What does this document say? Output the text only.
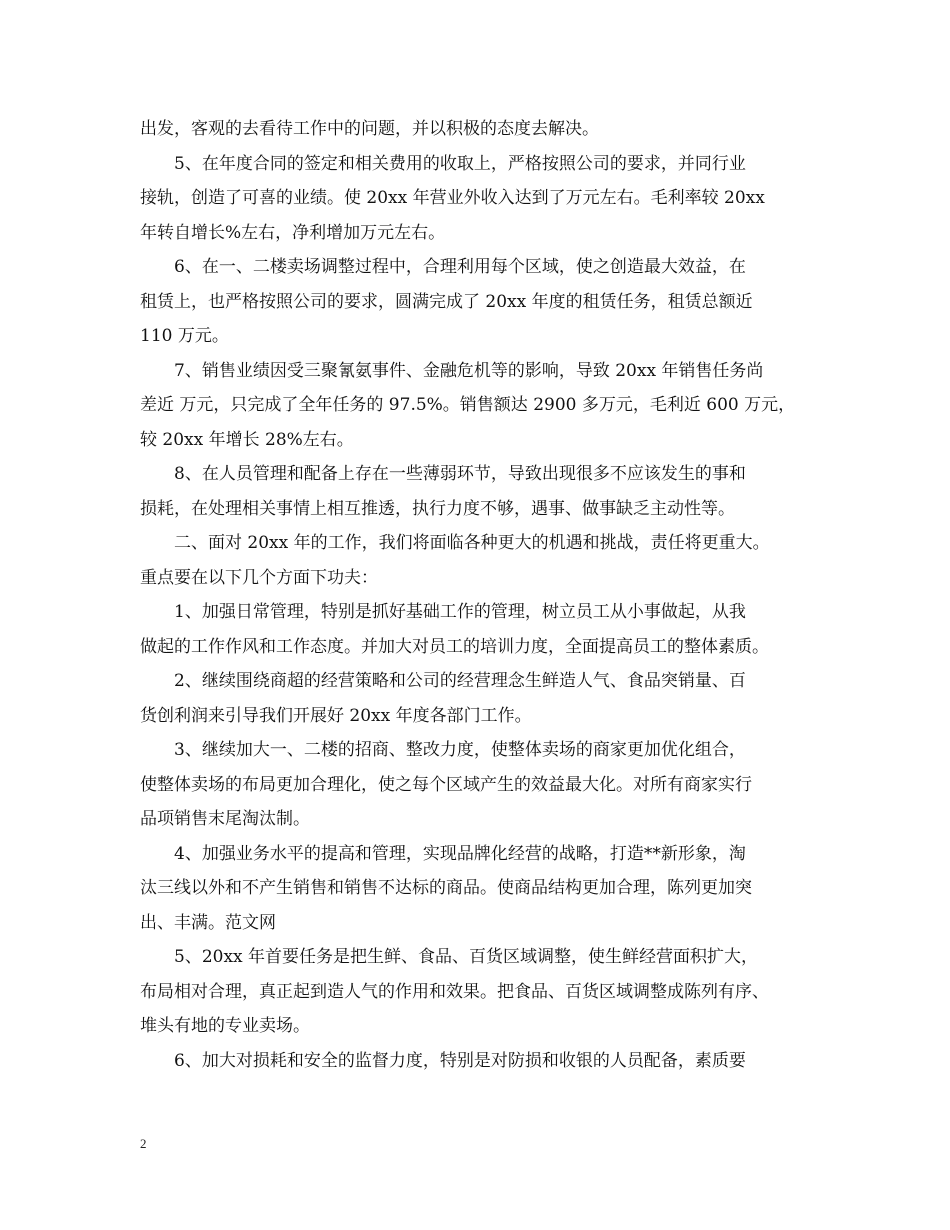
出发，客观的去看待工作中的问题，并以积极的态度去解决。
5、在年度合同的签定和相关费用的收取上，严格按照公司的要求，并同行业
接轨，创造了可喜的业绩。使 20xx 年营业外收入达到了万元左右。毛利率较 20xx
年转自增长%左右，净利增加万元左右。
6、在一、二楼卖场调整过程中，合理利用每个区域，使之创造最大效益，在
租赁上，也严格按照公司的要求，圆满完成了 20xx 年度的租赁任务，租赁总额近
110 万元。
7、销售业绩因受三聚氰氨事件、金融危机等的影响，导致 20xx 年销售任务尚
差近 万元，只完成了全年任务的 97.5%。销售额达 2900 多万元，毛利近 600 万元，
较 20xx 年增长 28%左右。
8、在人员管理和配备上存在一些薄弱环节，导致出现很多不应该发生的事和
损耗，在处理相关事情上相互推透，执行力度不够，遇事、做事缺乏主动性等。
二、面对 20xx 年的工作，我们将面临各种更大的机遇和挑战，责任将更重大。
重点要在以下几个方面下功夫：
1、加强日常管理，特别是抓好基础工作的管理，树立员工从小事做起，从我
做起的工作作风和工作态度。并加大对员工的培训力度，全面提高员工的整体素质。
2、继续围绕商超的经营策略和公司的经营理念生鲜造人气、食品突销量、百
货创利润来引导我们开展好 20xx 年度各部门工作。
3、继续加大一、二楼的招商、整改力度，使整体卖场的商家更加优化组合，
使整体卖场的布局更加合理化，使之每个区域产生的效益最大化。对所有商家实行
品项销售末尾淘汰制。
4、加强业务水平的提高和管理，实现品牌化经营的战略，打造**新形象，淘
汰三线以外和不产生销售和销售不达标的商品。使商品结构更加合理，陈列更加突
出、丰满。范文网
5、20xx 年首要任务是把生鲜、食品、百货区域调整，使生鲜经营面积扩大，
布局相对合理，真正起到造人气的作用和效果。把食品、百货区域调整成陈列有序、
堆头有地的专业卖场。
6、加大对损耗和安全的监督力度，特别是对防损和收银的人员配备，素质要
2
